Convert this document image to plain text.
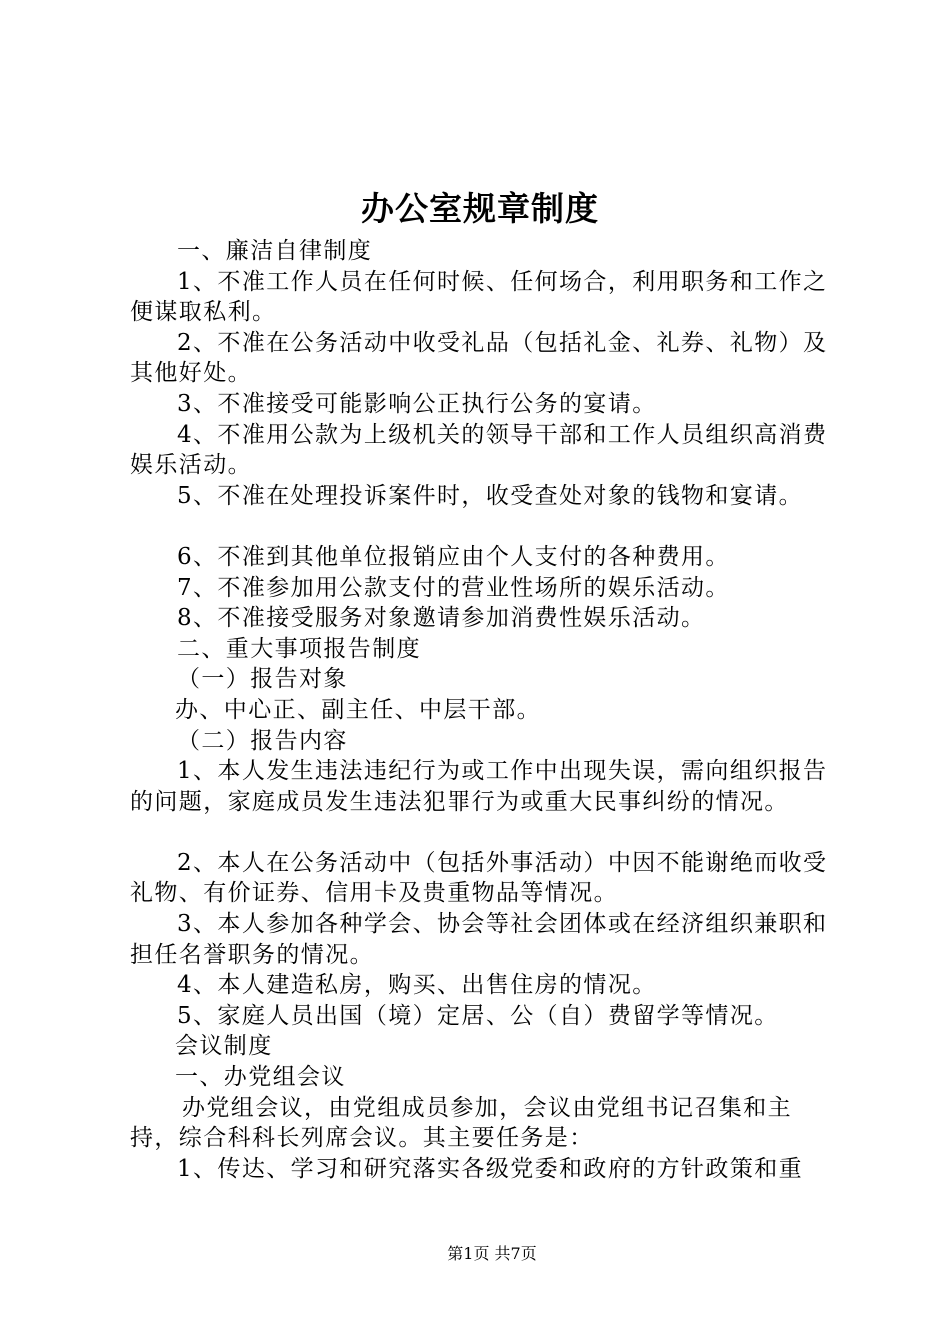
办公室规章制度

一、廉洁自律制度

1、不准工作人员在任何时候、任何场合，利用职务和工作之便谋取私利。

2、不准在公务活动中收受礼品（包括礼金、礼券、礼物）及其他好处。

3、不准接受可能影响公正执行公务的宴请。

4、不准用公款为上级机关的领导干部和工作人员组织高消费娱乐活动。

5、不准在处理投诉案件时，收受查处对象的钱物和宴请。

6、不准到其他单位报销应由个人支付的各种费用。

7、不准参加用公款支付的营业性场所的娱乐活动。

8、不准接受服务对象邀请参加消费性娱乐活动。

二、重大事项报告制度

（一）报告对象

办、中心正、副主任、中层干部。

（二）报告内容

1、本人发生违法违纪行为或工作中出现失误，需向组织报告的问题，家庭成员发生违法犯罪行为或重大民事纠纷的情况。

2、本人在公务活动中（包括外事活动）中因不能谢绝而收受礼物、有价证券、信用卡及贵重物品等情况。

3、本人参加各种学会、协会等社会团体或在经济组织兼职和担任名誉职务的情况。

4、本人建造私房，购买、出售住房的情况。

5、家庭人员出国（境）定居、公（自）费留学等情况。

会议制度

一、办党组会议

办党组会议，由党组成员参加，会议由党组书记召集和主持，综合科科长列席会议。其主要任务是：

1、传达、学习和研究落实各级党委和政府的方针政策和重

第1页 共7页
